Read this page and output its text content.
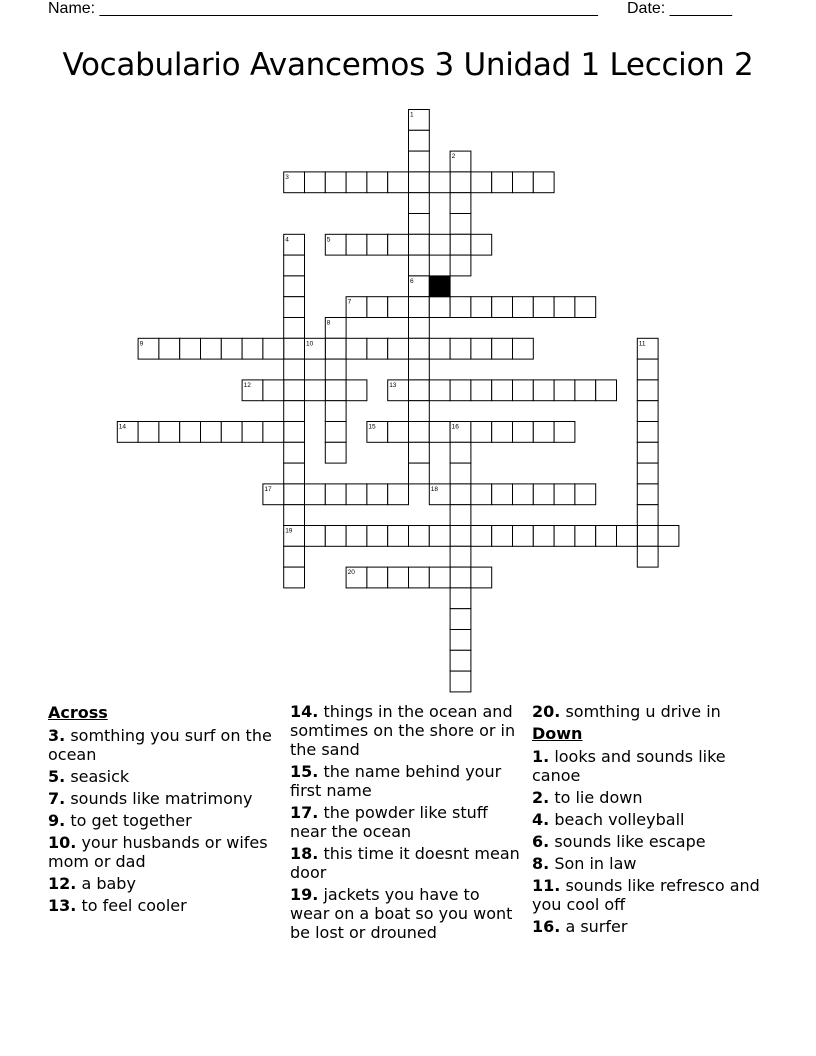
Name: ________________________________________________________ Date: _______
Vocabulario Avancemos 3 Unidad 1 Leccion 2
1
2
3
4	5
6
7
8
9	10	11
12	13
14	15	16
17	18
19
20
Across
3. somthing you surf on the ocean
5. seasick
7. sounds like matrimony
9. to get together
10. your husbands or wifes mom or dad
12. a baby
13. to feel cooler
14. things in the ocean and somtimes on the shore or in the sand
15. the name behind your first name
17. the powder like stuff near the ocean
18. this time it doesnt mean door
19. jackets you have to wear on a boat so you wont be lost or drouned
20. somthing u drive in
Down
1. looks and sounds like canoe
2. to lie down
4. beach volleyball
6. sounds like escape
8. Son in law
11. sounds like refresco and you cool off
16. a surfer
